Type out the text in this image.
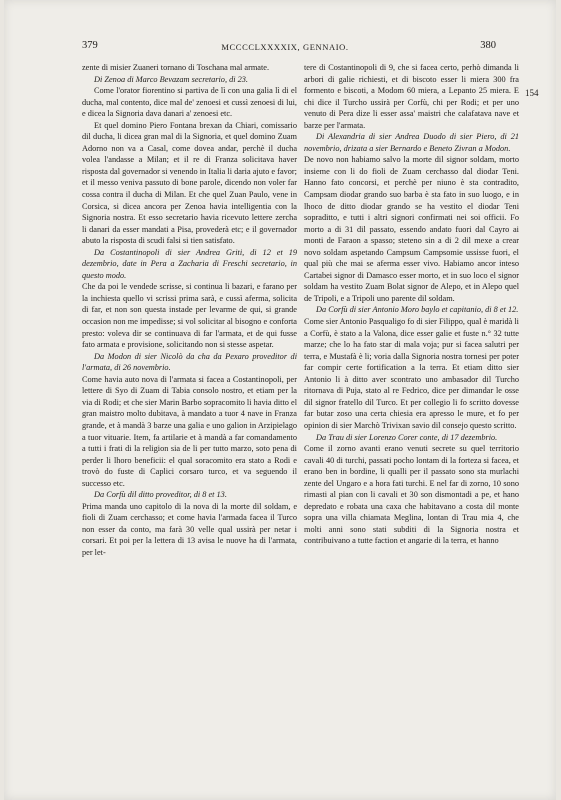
379	MCCCCLXXXXIX, GENNAIO.	380
154

zente di misier Zuaneri tornano di Toschana mal armate.

Di Zenoa di Marco Bevazam secretario, di 23.

Come l'orator fiorentino si partiva de lì con una galia lì di el ducha, mal contento, dice mal de' zenoesi et cussì zenoesi di lui, e dicea la Signoria dava danari a' zenoesi etc.

Et quel domino Piero Fontana brexan da Chiari, comissario dil ducha, li dicea gran mal di la Signoria, et quel domino Zuam Adorno non va a Casal, come dovea andar, perchè il ducha volea l'andasse a Milan; et il re di Franza solicitava haver risposta dal governador si venendo in Italia li daria ajuto e favor; et il messo veniva passuto di bone parole, dicendo non voler far cossa contra il ducha di Milan. Et che quel Zuan Paulo, vene in Corsica, si dicea ancora per Zenoa havia intelligentia con la Signoria nostra. Et esso secretario havia ricevuto lettere zercha li danari da esser mandati a Pisa, provederà etc; e il governador abuto la risposta di scudi falsi si tien satisfato.

Da Costantinopoli di sier Andrea Griti, di 12 et 19 dezembrio, date in Pera a Zacharia di Freschi secretario, in questo modo.

Che da poi le vendede scrisse, si continua li bazari, e farano per la inchiesta quello vi scrissi prima sarà, e cussì aferma, solicita di far, et non son questa instade per levarme de qui, si grande occasion non me impedisse; si vol solicitar al bisogno e conforta presto: voleva dir se continuava di far l'armata, et de qui fusse fato armata e provisione, solicitando non si stesse aspetar.

Da Modon di sier Nicolò da cha da Pexaro proveditor di l'armata, di 26 novembrio.

Come havia auto nova di l'armata si facea a Costantinopoli, per lettere di Syo di Zuam di Tabia consolo nostro, et etiam per la via di Rodi; et che sier Marin Barbo sopracomito li havia ditto el gran maistro molto dubitava, à mandato a tuor 4 nave in Franza grande, et à mandà 3 barze una galia e uno galion in Arzipielago a tuor vituarie. Item, fa artilarie et à mandà a far comandamento a tutti i frati di la religion sia de li per tutto marzo, soto pena di perder li lhoro beneficii: el qual soracomito era stato a Rodi e trovò do fuste di Caplici corsaro turco, et va seguendo il successo etc.

Da Corfù dil ditto proveditor, di 8 et 13.

Prima manda uno capitolo di la nova di la morte dil soldam, e fioli di Zuam cerchasso; et come havia l'armada facea il Turco non esser da conto, ma farà 30 velle qual ussirà per netar i corsari. Et poi per la lettera di 13 avisa le nuove ha di l'armata, per let-

tere di Costantinopoli di 9, che si facea certo, perhò dimanda li arbori di galie richiesti, et di biscoto esser li miera 300 fra formento e biscoti, a Modom 60 miera, a Lepanto 25 miera. E chi dice il Turcho ussirà per Corfù, chi per Rodi; et per uno venuto di Pera dize li esser assa' maistri che calafatava nave et barze per l'armata.

Di Alexandria di sier Andrea Duodo di sier Piero, di 21 novembrio, drizata a sier Bernardo e Beneto Zivran a Modon.

De novo non habiamo salvo la morte dil signor soldam, morto insieme con li do fioli de Zuam cerchasso dal diodar Teni. Hanno fato concorsi, et perchè per niuno è sta contradito, Campsam diodar grando suo barba è sta fato in suo luogo, e in lhoco de ditto diodar grando se ha vestito el diodar Teni sopraditto, e tutti i altri signori confirmati nei soi officii. Fo morto a di 31 dil passato, essendo andato fuori dal Cayro ai monti de Faraon a spasso; steteno sin a di 2 dil mexe a crear novo soldam aspetando Campsum Campsomie ussisse fuori, el qual più che mai se aferma esser vivo. Habiamo ancor inteso Cartabei signor di Damasco esser morto, et in suo loco el signor soldam ha vestito Zuam Bolat signor de Alepo, et in Alepo quel de Tripoli, e a Tripoli uno parente dil soldam.

Da Corfù di sier Antonio Moro baylo et capitanio, di 8 et 12.

Come sier Antonio Pasqualigo fo di sier Filippo, qual è maridà li a Corfù, è stato a la Valona, dice esser galie et fuste n.° 32 tutte marze; che lo ha fato star di mala voja; pur si facea salutri per terra, e Mustafà è li; voria dalla Signoria nostra tornesi per poter far compir certe fortification a la terra. Et etiam ditto sier Antonio li à ditto aver scontrato uno ambasador dil Turcho ritornava di Puja, stato al re Fedrico, dice per dimandar le osse dil signor fratello dil Turco. Et per collegio li fo scritto dovesse far butar zoso una certa chiesia era apresso le mure, et fo per opinion di sier Marchò Trivixan savio dil consejo questo scritto.

Da Trau di sier Lorenzo Corer conte, di 17 dezembrio.

Come il zorno avanti erano venuti secrete su quel territorio cavali 40 di turchi, passati pocho lontam di la forteza si facea, et erano ben in bordine, li qualli per il passato sono sta murlachi zente del Ungaro e a hora fati turchi. E nel far di zorno, 10 sono rimasti al pian con li cavali et 30 son dismontadi a pe, et hano depredato e robata una caxa che habitavano a costa dil monte sopra una villa chiamata Meglina, lontan di Trau mia 4, che molti anni sono stati subditi di la Signoria nostra et contribuivano a tutte faction et angarie di la terra, et hanno
